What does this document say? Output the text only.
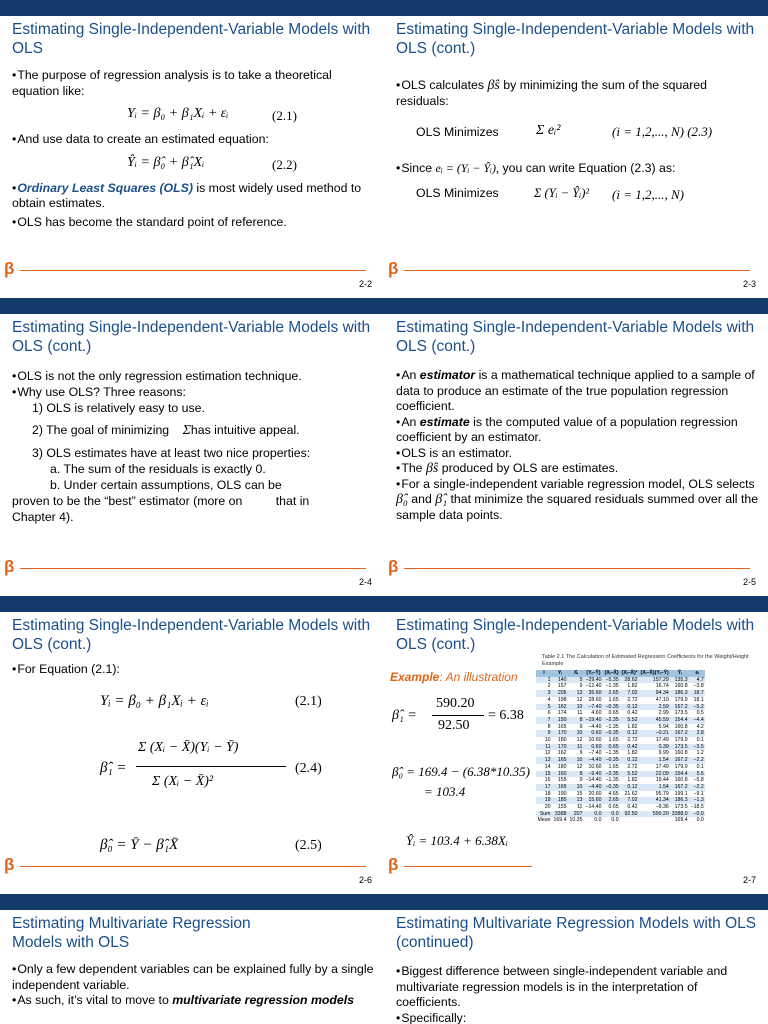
Estimating Single-Independent-Variable Models with OLS

• The purpose of regression analysis is to take a theoretical equation like:

Yᵢ = β₀ + β₁Xᵢ + εᵢ	(2.1)

• And use data to create an estimated equation:

Ŷᵢ = β̂₀ + β̂₁Xᵢ	(2.2)

• Ordinary Least Squares (OLS) is most widely used method to obtain estimates.

• OLS has become the standard point of reference.

β
2-2
Estimating Single-Independent-Variable Models with OLS (cont.)

• OLS calculates β̂s by minimizing the sum of the squared residuals:

OLS Minimizes	Σ eᵢ²	(i = 1,2,..., N) (2.3)

• Since eᵢ = (Yᵢ − Ŷᵢ), you can write Equation (2.3) as:

OLS Minimizes	Σ (Yᵢ − Ŷᵢ)² (i = 1,2,..., N)
β
2-3
Estimating Single-Independent-Variable Models with OLS (cont.)

• OLS is not the only regression estimation technique.

• Why use OLS? Three reasons:

1) OLS is relatively easy to use.

2) The goal of minimizing Σhas intuitive appeal.

3) OLS estimates have at least two nice properties:

a. The sum of the residuals is exactly 0.

b. Under certain assumptions, OLS can be

proven to be the “best” estimator (more on	that in

Chapter 4).

β
2-4
Estimating Single-Independent-Variable Models with OLS (cont.)

• An estimator is a mathematical technique applied to a sample of data to produce an estimate of the true population regression coefficient.

• An estimate is the computed value of a population regression coefficient by an estimator.

• OLS is an estimator.

• The β̂s produced by OLS are estimates.

• For a single-independent variable regression model, OLS selects β̂₀ and β̂₁ that minimize the squared residuals summed over all the sample data points.

β
2-5
Estimating Single-Independent-Variable Models with OLS (cont.)

• For Equation (2.1):

Yᵢ = β₀ + β₁Xᵢ + εᵢ	(2.1)
β̂₁ =
Σ (Xᵢ − X̄)(Yᵢ − Ȳ)
Σ (Xᵢ − X̄)²
(2.4)
β̂₀ = Ȳ − β̂₁X̄	(2.5)
β
2-6
Estimating Single-Independent-Variable Models with OLS (cont.)
Example: An illustration
β̂₁ =
590.20
92.50
= 6.38
β̂₀ = 169.4 − (6.38*10.35)
= 103.4
Ŷᵢ = 103.4 + 6.38Xᵢ
Table 2.1 The Calculation of Estimated Regression Coefficients for the Weight/Height Example
i	Yᵢ	Xᵢ	(Yᵢ−Ȳ)	(Xᵢ−X̄)	(Xᵢ−X̄)²	(Xᵢ−X̄)(Yᵢ−Ȳ)	Ŷᵢ	eᵢ
1	140	5	−29.40	−5.35	28.62	157.29	135.3	4.7
2	157	9	−12.40	−1.35	1.82	16.74	160.8	−3.8
3	205	13	35.60	2.65	7.02	94.34	186.3	18.7
4	198	12	28.60	1.65	2.72	47.19	179.9	18.1
5	162	10	−7.40	−0.35	0.12	2.59	167.2	−5.2
6	174	11	4.60	0.65	0.42	2.99	173.5	0.5
7	150	8	−19.40	−2.35	5.52	45.59	154.4	−4.4
8	165	9	−4.40	−1.35	1.82	5.94	160.8	4.2
9	170	10	0.60	−0.35	0.12	−0.21	167.2	2.8
10	180	12	10.60	1.65	2.72	17.49	179.9	0.1
11	170	11	0.60	0.65	0.42	0.39	173.5	−3.5
12	162	9	−7.40	−1.35	1.82	9.99	160.8	1.2
13	165	10	−4.40	−0.35	0.12	1.54	167.2	−2.2
14	180	12	10.60	1.65	2.72	17.49	179.9	0.1
15	160	8	−9.40	−2.35	5.52	22.09	154.4	5.6
16	155	9	−14.40	−1.35	1.82	19.44	160.8	−5.8
17	165	10	−4.40	−0.35	0.12	1.54	167.2	−2.2
18	190	15	20.60	4.65	21.62	95.79	199.1	−9.1
19	185	13	15.60	2.65	7.02	41.34	186.3	−1.3
20	155	11	−14.40	0.65	0.42	−9.36	173.5	−18.5
Sum	3388	207	0.0	0.0	92.50	590.20	3388.0	−0.0
Mean	169.4	10.35	0.0	0.0			169.4	0.0
β
2-7
Estimating Multivariate Regression Models with OLS

• Only a few dependent variables can be explained fully by a single independent variable.

• As such, it’s vital to move to multivariate regression models

Estimating Multivariate Regression Models with OLS (continued)

• Biggest difference between single-independent variable and multivariate regression models is in the interpretation of coefficients.

• Specifically:
